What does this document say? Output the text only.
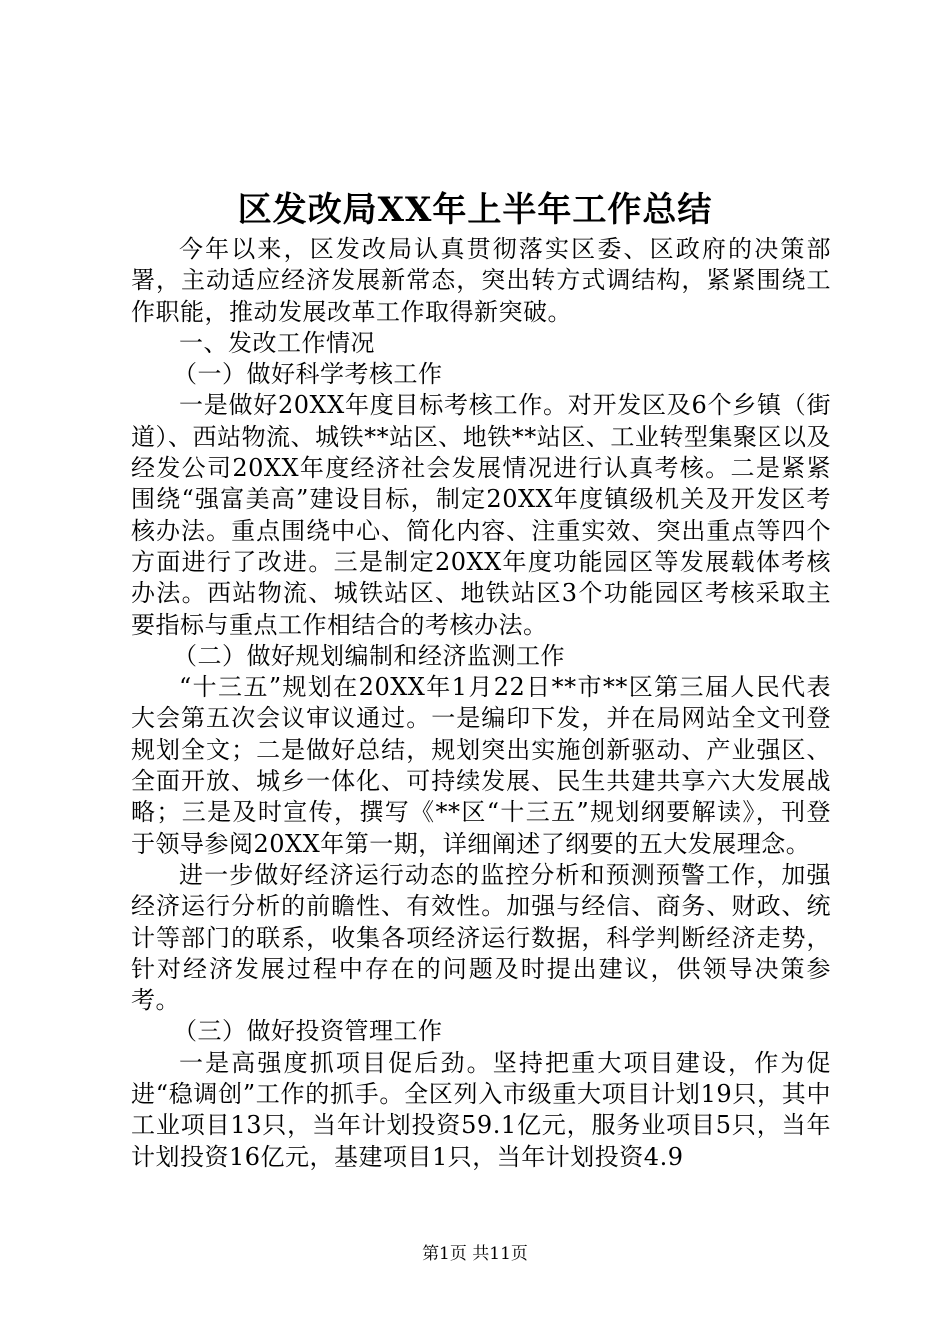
区发改局XX年上半年工作总结

今年以来，区发改局认真贯彻落实区委、区政府的决策部署，主动适应经济发展新常态，突出转方式调结构，紧紧围绕工作职能，推动发展改革工作取得新突破。

一、发改工作情况

（一）做好科学考核工作

一是做好20XX年度目标考核工作。对开发区及6个乡镇（街道）、西站物流、城铁**站区、地铁**站区、工业转型集聚区以及经发公司20XX年度经济社会发展情况进行认真考核。二是紧紧围绕“强富美高”建设目标，制定20XX年度镇级机关及开发区考核办法。重点围绕中心、简化内容、注重实效、突出重点等四个方面进行了改进。三是制定20XX年度功能园区等发展载体考核办法。西站物流、城铁站区、地铁站区3个功能园区考核采取主要指标与重点工作相结合的考核办法。

（二）做好规划编制和经济监测工作

“十三五”规划在20XX年1月22日**市**区第三届人民代表大会第五次会议审议通过。一是编印下发，并在局网站全文刊登规划全文；二是做好总结，规划突出实施创新驱动、产业强区、全面开放、城乡一体化、可持续发展、民生共建共享六大发展战略；三是及时宣传，撰写《**区“十三五”规划纲要解读》，刊登于领导参阅20XX年第一期，详细阐述了纲要的五大发展理念。

进一步做好经济运行动态的监控分析和预测预警工作，加强经济运行分析的前瞻性、有效性。加强与经信、商务、财政、统计等部门的联系，收集各项经济运行数据，科学判断经济走势，针对经济发展过程中存在的问题及时提出建议，供领导决策参考。

（三）做好投资管理工作

一是高强度抓项目促后劲。坚持把重大项目建设，作为促进“稳调创”工作的抓手。全区列入市级重大项目计划19只，其中工业项目13只，当年计划投资59.1亿元，服务业项目5只，当年计划投资16亿元，基建项目1只，当年计划投资4.9

第1页 共11页
